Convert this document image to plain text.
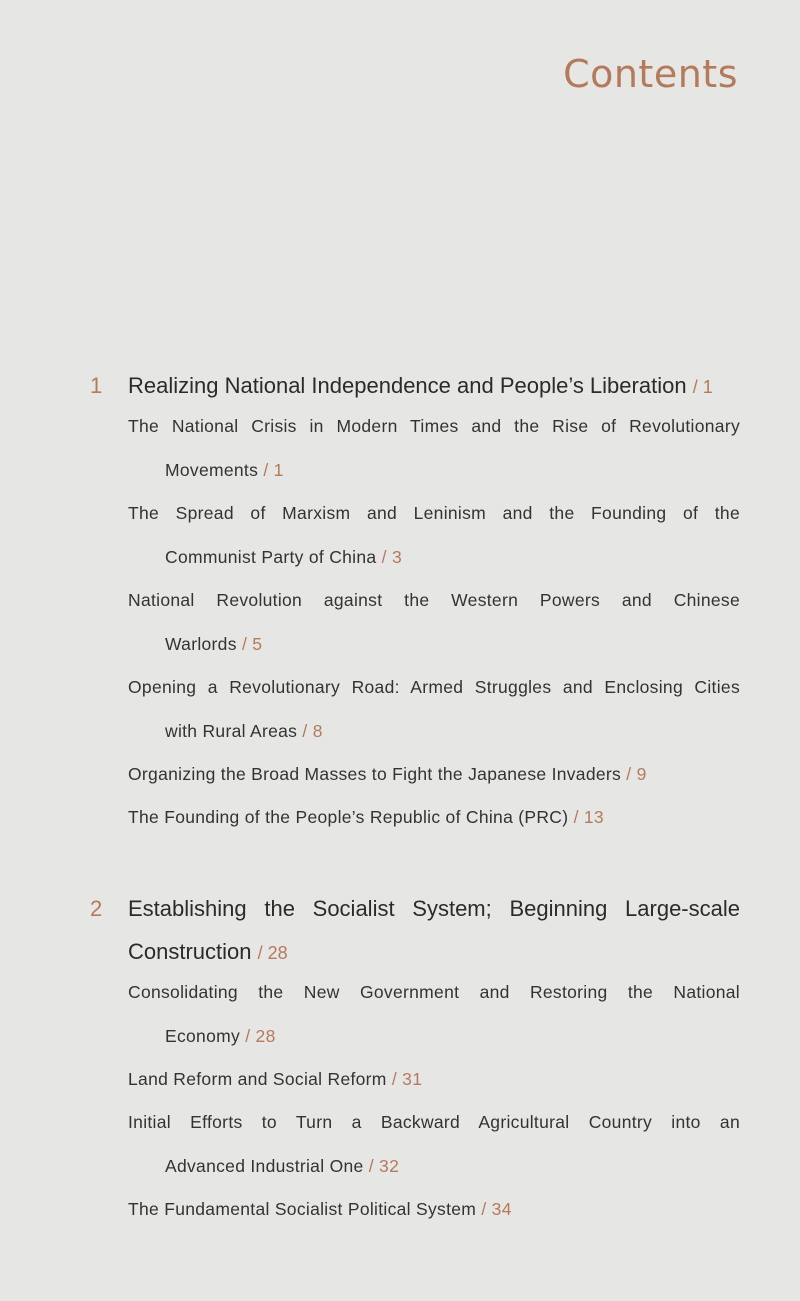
Contents
1 Realizing National Independence and People’s Liberation / 1
The National Crisis in Modern Times and the Rise of Revolutionary
Movements / 1
The Spread of Marxism and Leninism and the Founding of the
Communist Party of China / 3
National Revolution against the Western Powers and Chinese
Warlords / 5
Opening a Revolutionary Road: Armed Struggles and Enclosing Cities
with Rural Areas / 8
Organizing the Broad Masses to Fight the Japanese Invaders / 9
The Founding of the People’s Republic of China (PRC) / 13
2 Establishing the Socialist System; Beginning Large-scale
Construction / 28
Consolidating the New Government and Restoring the National
Economy / 28
Land Reform and Social Reform / 31
Initial Efforts to Turn a Backward Agricultural Country into an
Advanced Industrial One / 32
The Fundamental Socialist Political System / 34
